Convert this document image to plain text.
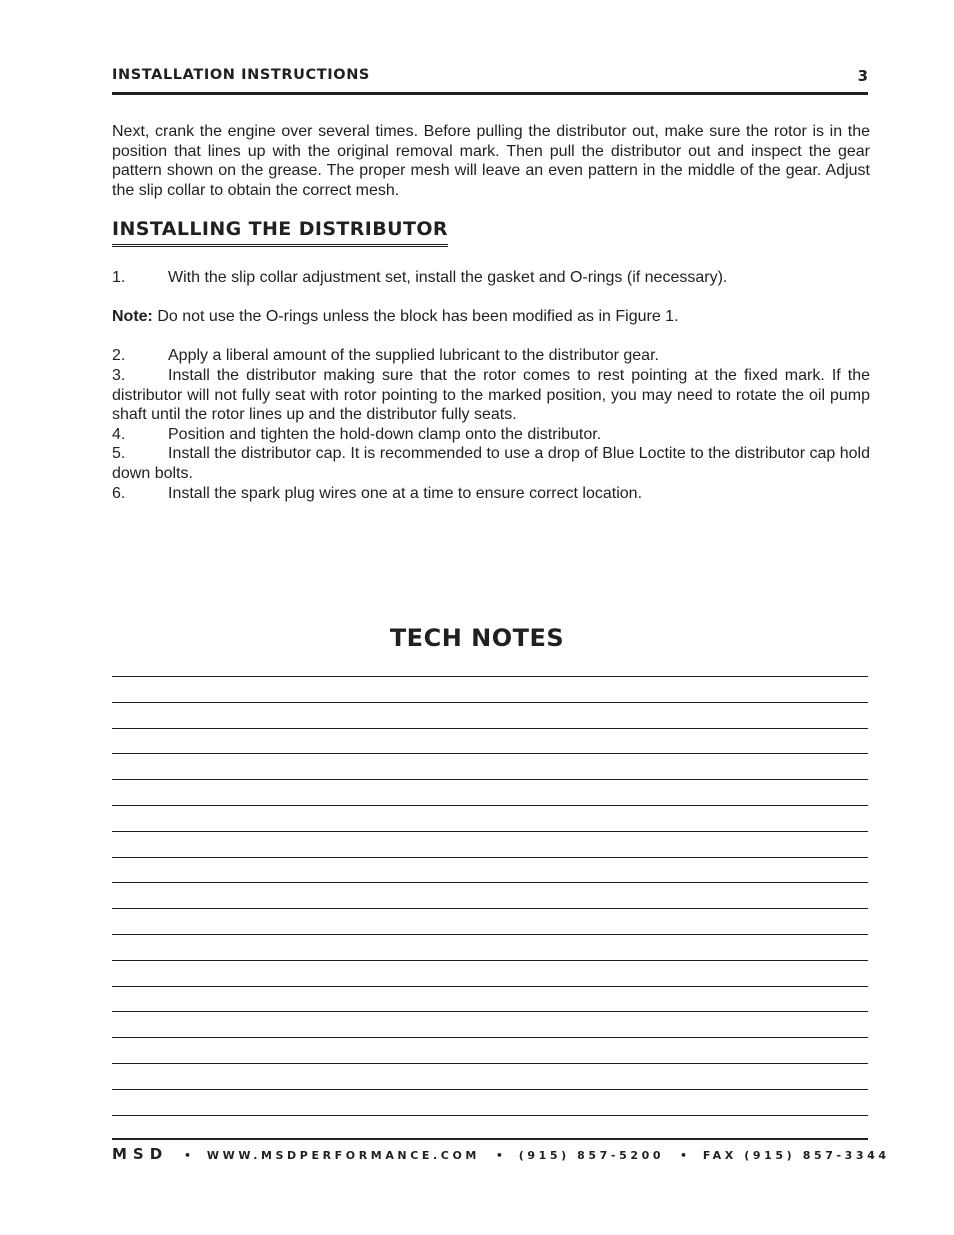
INSTALLATION INSTRUCTIONS	3

Next, crank the engine over several times. Before pulling the distributor out, make sure the rotor is in the position that lines up with the original removal mark. Then pull the distributor out and inspect the gear pattern shown on the grease. The proper mesh will leave an even pattern in the middle of the gear. Adjust the slip collar to obtain the correct mesh.

INSTALLING THE DISTRIBUTOR

1.	With the slip collar adjustment set, install the gasket and O-rings (if necessary).

Note: Do not use the O-rings unless the block has been modified as in Figure 1.

2.	Apply a liberal amount of the supplied lubricant to the distributor gear.

3.	Install the distributor making sure that the rotor comes to rest pointing at the fixed mark. If the distributor will not fully seat with rotor pointing to the marked position, you may need to rotate the oil pump shaft until the rotor lines up and the distributor fully seats.

4.	Position and tighten the hold-down clamp onto the distributor.

5.	Install the distributor cap. It is recommended to use a drop of Blue Loctite to the distributor cap hold down bolts.

6.	Install the spark plug wires one at a time to ensure correct location.

TECH NOTES
MSD • WWW.MSDPERFORMANCE.COM • (915) 857-5200 • FAX (915) 857-3344
